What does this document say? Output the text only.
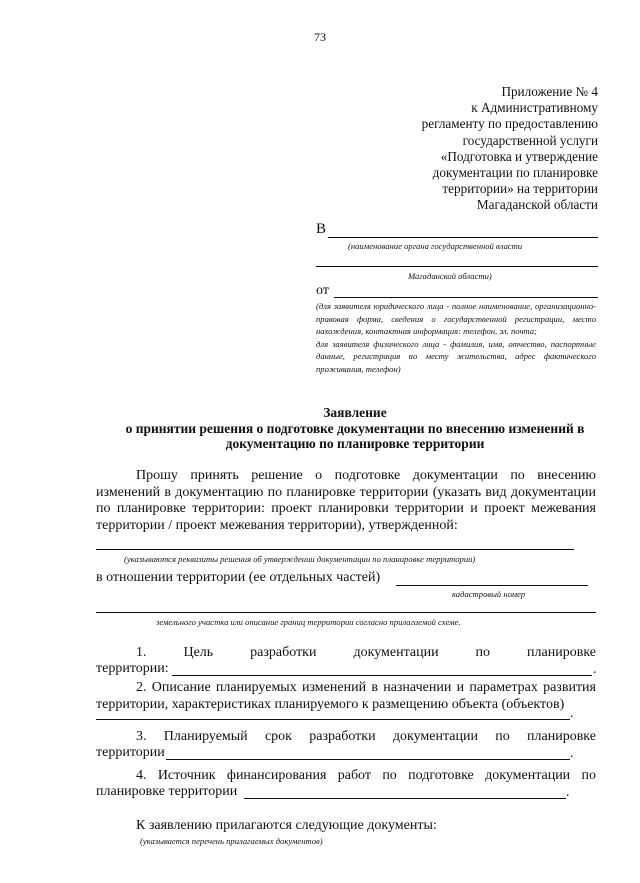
73
Приложение № 4
к Административному
регламенту по предоставлению
государственной услуги
«Подготовка и утверждение
документации по планировке
территории» на территории
Магаданской области
В
(наименование органа государственной власти
Магаданской области)
от

(для заявителя юридического лица - полное наименование, организационно-правовая форма, сведения о государственной регистрации, место нахождения, контактная информация: телефон, эл. почта;

для заявителя физического лица - фамилия, имя, отчество, паспортные данные, регистрация по месту жительства, адрес фактического проживания, телефон)

Заявление
о принятии решения о подготовке документации по внесению изменений в
документацию по планировке территории

Прошу принять решение о подготовке документации по внесению изменений в документацию по планировке территории (указать вид документации по планировке территории: проект планировки территории и проект межевания территории / проект межевания территории), утвержденной:

(указываются реквизиты решения об утверждении документации по планировке территории)
в отношении территории (ее отдельных частей)
кадастровый номер
земельного участка или описание границ территории согласно прилагаемой схеме.
1.	Цель	разработки	документации	по	планировке
территории:	.

2. Описание планируемых изменений в назначении и параметрах развития территории, характеристиках планируемого к размещению объекта (объектов)

.
3. Планируемый срок разработки документации по планировке
территории	.
4. Источник финансирования работ по подготовке документации по
планировке территории	.
К заявлению прилагаются следующие документы:
(указывается перечень прилагаемых документов)
